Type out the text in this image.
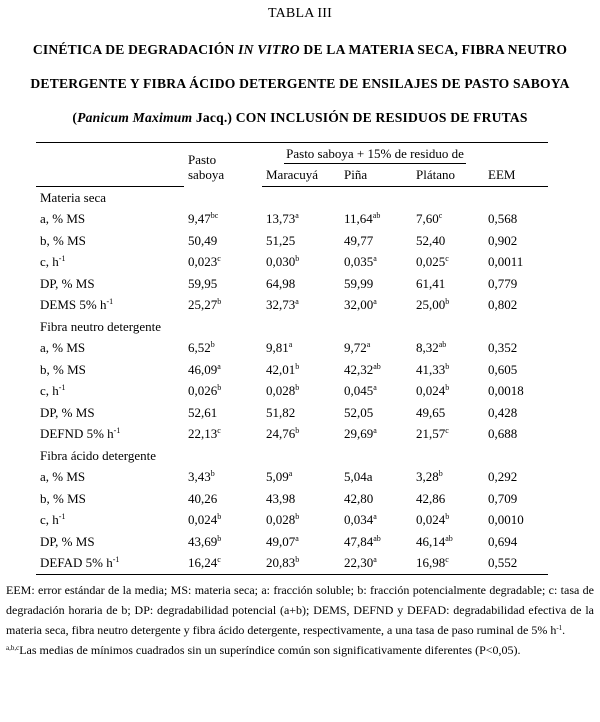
TABLA III
CINÉTICA DE DEGRADACIÓN IN VITRO DE LA MATERIA SECA, FIBRA NEUTRO
DETERGENTE Y FIBRA ÁCIDO DETERGENTE DE ENSILAJES DE PASTO SABOYA
(Panicum Maximum Jacq.) CON INCLUSIÓN DE RESIDUOS DE FRUTAS
	Pasto
saboya	Pasto saboya + 15% de residuo de			
		Maracuyá	Piña	Plátano	EEM
Materia seca					
a, % MS	9,47$^{bc}$	13,73$^a$	11,64$^{ab}$	7,60$^c$	0,568
b, % MS	50,49	51,25	49,77	52,40	0,902
c, $h^{-1}$	0,023$^c$	0,030$^b$	0,035$^a$	0,025$^c$	0,0011
DP, % MS	59,95	64,98	59,99	61,41	0,779
DEMS 5% $h^{-1}$	25,27$^b$	32,73$^a$	32,00$^a$	25,00$^b$	0,802
Fibra neutro detergente					
a, % MS	6,52$^b$	9,81$^a$	9,72$^a$	8,32$^{ab}$	0,352
b, % MS	46,09$^a$	42,01$^b$	42,32$^{ab}$	41,33$^b$	0,605
c, $h^{-1}$	0,026$^b$	0,028$^b$	0,045$^a$	0,024$^b$	0,0018
DP, % MS	52,61	51,82	52,05	49,65	0,428
DEFND 5% $h^{-1}$	22,13$^c$	24,76$^b$	29,69$^a$	21,57$^c$	0,688
Fibra ácido detergente					
a, % MS	3,43$^b$	5,09$^a$	5,04a	3,28$^b$	0,292
b, % MS	40,26	43,98	42,80	42,86	0,709
c, $h^{-1}$	0,024$^b$	0,028$^b$	0,034$^a$	0,024$^b$	0,0010
DP, % MS	43,69$^b$	49,07$^a$	47,84$^{ab}$	46,14$^{ab}$	0,694
DEFAD 5% $h^{-1}$	16,24$^c$	20,83$^b$	22,30$^a$	16,98$^c$	0,552

EEM: error estándar de la media; MS: materia seca; a: fracción soluble; b: fracción potencialmente degradable; c: tasa de degradación horaria de b; DP: degradabilidad potencial (a+b); DEMS, DEFND y DEFAD: degradabilidad efectiva de la materia seca, fibra neutro detergente y fibra ácido detergente, respectivamente, a una tasa de paso ruminal de 5% $h^{-1}$.

$^{a,b,c}$Las medias de mínimos cuadrados sin un superíndice común son significativamente diferentes (P<0,05).
